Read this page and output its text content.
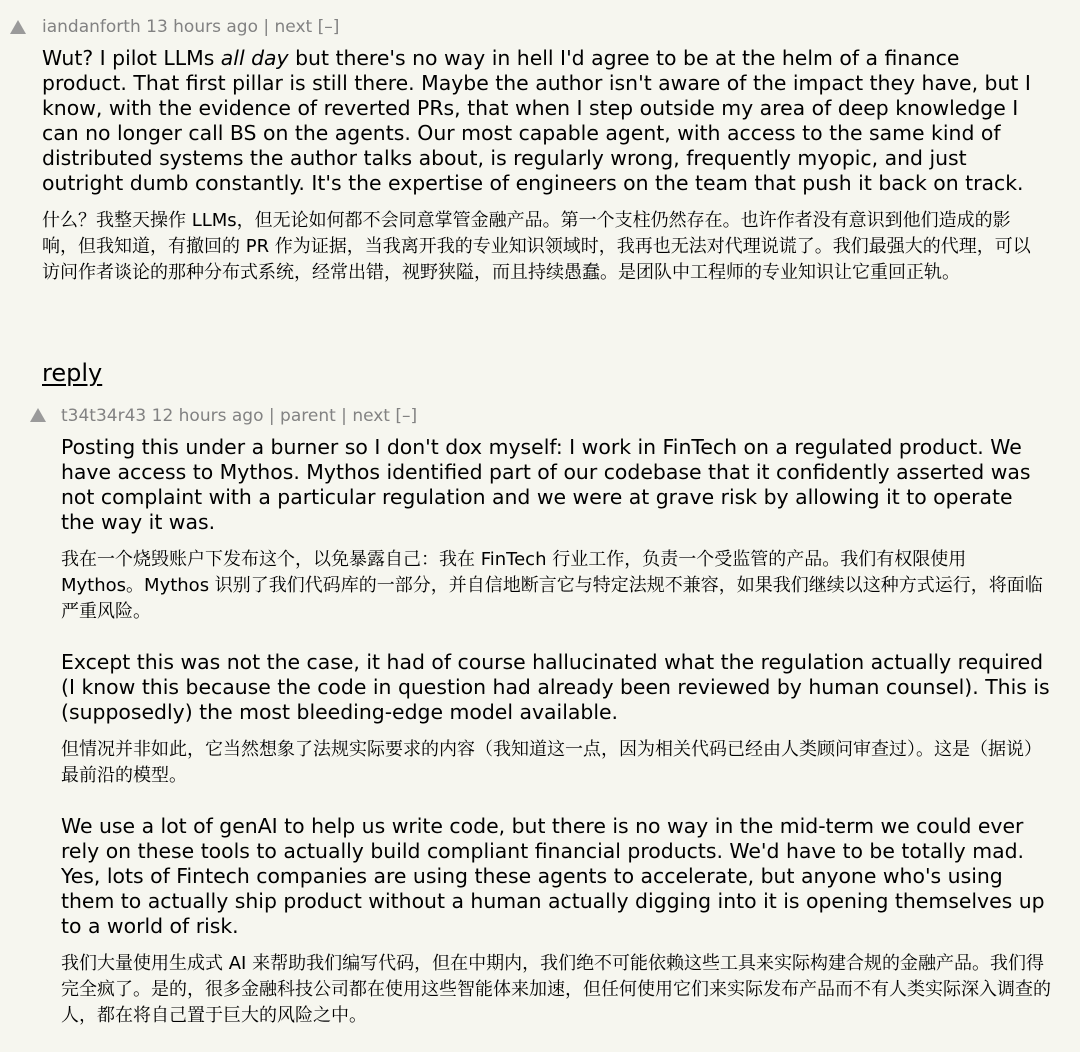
iandanforth 13 hours ago | next [–]

Wut? I pilot LLMs all day but there's no way in hell I'd agree to be at the helm of a finance product. That first pillar is still there. Maybe the author isn't aware of the impact they have, but I know, with the evidence of reverted PRs, that when I step outside my area of deep knowledge I can no longer call BS on the agents. Our most capable agent, with access to the same kind of distributed systems the author talks about, is regularly wrong, frequently myopic, and just outright dumb constantly. It's the expertise of engineers on the team that push it back on track.

什么？我整天操作 LLMs，但无论如何都不会同意掌管金融产品。第一个支柱仍然存在。也许作者没有意识到他们造成的影响，但我知道，有撤回的 PR 作为证据，当我离开我的专业知识领域时，我再也无法对代理说谎了。我们最强大的代理，可以访问作者谈论的那种分布式系统，经常出错，视野狭隘，而且持续愚蠢。是团队中工程师的专业知识让它重回正轨。

reply
t34t34r43 12 hours ago | parent | next [–]

Posting this under a burner so I don't dox myself: I work in FinTech on a regulated product. We have access to Mythos. Mythos identified part of our codebase that it confidently asserted was not complaint with a particular regulation and we were at grave risk by allowing it to operate the way it was.

我在一个烧毁账户下发布这个，以免暴露自己：我在 FinTech 行业工作，负责一个受监管的产品。我们有权限使用 Mythos。Mythos 识别了我们代码库的一部分，并自信地断言它与特定法规不兼容，如果我们继续以这种方式运行，将面临严重风险。

Except this was not the case, it had of course hallucinated what the regulation actually required (I know this because the code in question had already been reviewed by human counsel). This is (supposedly) the most bleeding-edge model available.

但情况并非如此，它当然想象了法规实际要求的内容（我知道这一点，因为相关代码已经由人类顾问审查过）。这是（据说）最前沿的模型。

We use a lot of genAI to help us write code, but there is no way in the mid-term we could ever rely on these tools to actually build compliant financial products. We'd have to be totally mad. Yes, lots of Fintech companies are using these agents to accelerate, but anyone who's using them to actually ship product without a human actually digging into it is opening themselves up to a world of risk.

我们大量使用生成式 AI 来帮助我们编写代码，但在中期内，我们绝不可能依赖这些工具来实际构建合规的金融产品。我们得完全疯了。是的，很多金融科技公司都在使用这些智能体来加速，但任何使用它们来实际发布产品而不有人类实际深入调查的人，都在将自己置于巨大的风险之中。
